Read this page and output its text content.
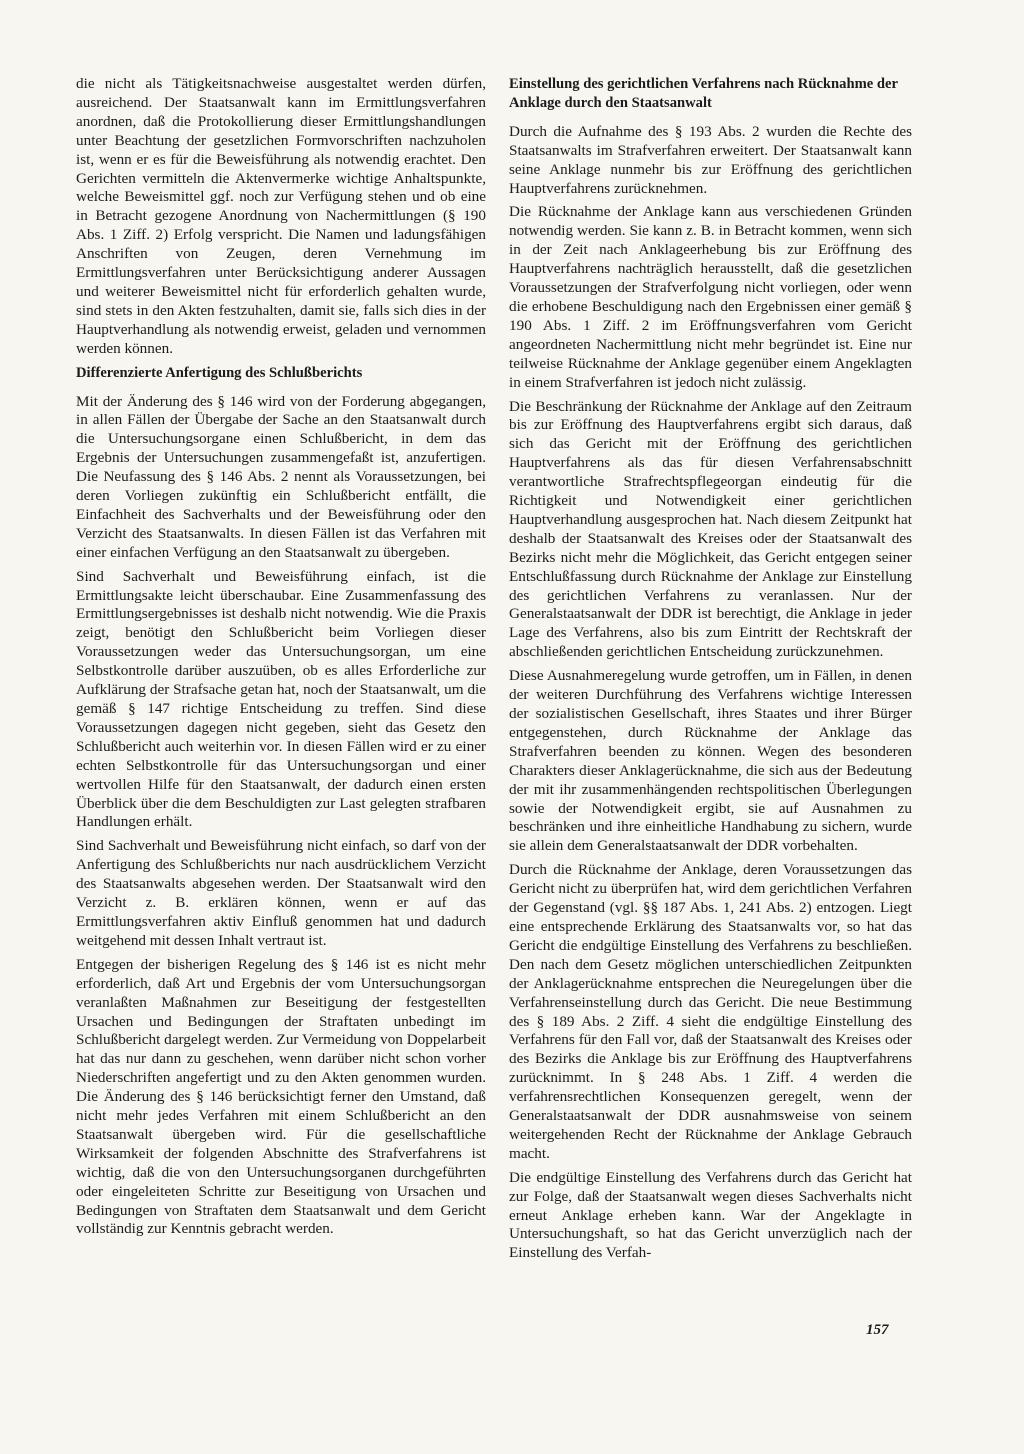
die nicht als Tätigkeitsnachweise ausgestaltet werden dürfen, ausreichend. Der Staatsanwalt kann im Ermittlungsverfahren anordnen, daß die Protokollierung dieser Ermittlungshandlungen unter Beachtung der gesetzlichen Formvorschriften nachzuholen ist, wenn er es für die Beweisführung als notwendig erachtet. Den Gerichten vermitteln die Aktenvermerke wichtige Anhaltspunkte, welche Beweismittel ggf. noch zur Verfügung stehen und ob eine in Betracht gezogene Anordnung von Nachermittlungen (§ 190 Abs. 1 Ziff. 2) Erfolg verspricht. Die Namen und ladungsfähigen Anschriften von Zeugen, deren Vernehmung im Ermittlungsverfahren unter Berücksichtigung anderer Aussagen und weiterer Beweismittel nicht für erforderlich gehalten wurde, sind stets in den Akten festzuhalten, damit sie, falls sich dies in der Hauptverhandlung als notwendig erweist, geladen und vernommen werden können.

Differenzierte Anfertigung des Schlußberichts

Mit der Änderung des § 146 wird von der Forderung abgegangen, in allen Fällen der Übergabe der Sache an den Staatsanwalt durch die Untersuchungsorgane einen Schlußbericht, in dem das Ergebnis der Untersuchungen zusammengefaßt ist, anzufertigen. Die Neufassung des § 146 Abs. 2 nennt als Voraussetzungen, bei deren Vorliegen zukünftig ein Schlußbericht entfällt, die Einfachheit des Sachverhalts und der Beweisführung oder den Verzicht des Staatsanwalts. In diesen Fällen ist das Verfahren mit einer einfachen Verfügung an den Staatsanwalt zu übergeben.

Sind Sachverhalt und Beweisführung einfach, ist die Ermittlungsakte leicht überschaubar. Eine Zusammenfassung des Ermittlungsergebnisses ist deshalb nicht notwendig. Wie die Praxis zeigt, benötigt den Schlußbericht beim Vorliegen dieser Voraussetzungen weder das Untersuchungsorgan, um eine Selbstkontrolle darüber auszuüben, ob es alles Erforderliche zur Aufklärung der Strafsache getan hat, noch der Staatsanwalt, um die gemäß § 147 richtige Entscheidung zu treffen. Sind diese Voraussetzungen dagegen nicht gegeben, sieht das Gesetz den Schlußbericht auch weiterhin vor. In diesen Fällen wird er zu einer echten Selbstkontrolle für das Untersuchungsorgan und einer wertvollen Hilfe für den Staatsanwalt, der dadurch einen ersten Überblick über die dem Beschuldigten zur Last gelegten strafbaren Handlungen erhält.

Sind Sachverhalt und Beweisführung nicht einfach, so darf von der Anfertigung des Schlußberichts nur nach ausdrücklichem Verzicht des Staatsanwalts abgesehen werden. Der Staatsanwalt wird den Verzicht z. B. erklären können, wenn er auf das Ermittlungsverfahren aktiv Einfluß genommen hat und dadurch weitgehend mit dessen Inhalt vertraut ist.

Entgegen der bisherigen Regelung des § 146 ist es nicht mehr erforderlich, daß Art und Ergebnis der vom Untersuchungsorgan veranlaßten Maßnahmen zur Beseitigung der festgestellten Ursachen und Bedingungen der Straftaten unbedingt im Schlußbericht dargelegt werden. Zur Vermeidung von Doppelarbeit hat das nur dann zu geschehen, wenn darüber nicht schon vorher Niederschriften angefertigt und zu den Akten genommen wurden. Die Änderung des § 146 berücksichtigt ferner den Umstand, daß nicht mehr jedes Verfahren mit einem Schlußbericht an den Staatsanwalt übergeben wird. Für die gesellschaftliche Wirksamkeit der folgenden Abschnitte des Strafverfahrens ist wichtig, daß die von den Untersuchungsorganen durchgeführten oder eingeleiteten Schritte zur Beseitigung von Ursachen und Bedingungen von Straftaten dem Staatsanwalt und dem Gericht vollständig zur Kenntnis gebracht werden.

Einstellung des gerichtlichen Verfahrens nach Rücknahme der Anklage durch den Staatsanwalt

Durch die Aufnahme des § 193 Abs. 2 wurden die Rechte des Staatsanwalts im Strafverfahren erweitert. Der Staatsanwalt kann seine Anklage nunmehr bis zur Eröffnung des gerichtlichen Hauptverfahrens zurücknehmen.

Die Rücknahme der Anklage kann aus verschiedenen Gründen notwendig werden. Sie kann z. B. in Betracht kommen, wenn sich in der Zeit nach Anklageerhebung bis zur Eröffnung des Hauptverfahrens nachträglich herausstellt, daß die gesetzlichen Voraussetzungen der Strafverfolgung nicht vorliegen, oder wenn die erhobene Beschuldigung nach den Ergebnissen einer gemäß § 190 Abs. 1 Ziff. 2 im Eröffnungsverfahren vom Gericht angeordneten Nachermittlung nicht mehr begründet ist. Eine nur teilweise Rücknahme der Anklage gegenüber einem Angeklagten in einem Strafverfahren ist jedoch nicht zulässig.

Die Beschränkung der Rücknahme der Anklage auf den Zeitraum bis zur Eröffnung des Hauptverfahrens ergibt sich daraus, daß sich das Gericht mit der Eröffnung des gerichtlichen Hauptverfahrens als das für diesen Verfahrensabschnitt verantwortliche Strafrechtspflegeorgan eindeutig für die Richtigkeit und Notwendigkeit einer gerichtlichen Hauptverhandlung ausgesprochen hat. Nach diesem Zeitpunkt hat deshalb der Staatsanwalt des Kreises oder der Staatsanwalt des Bezirks nicht mehr die Möglichkeit, das Gericht entgegen seiner Entschlußfassung durch Rücknahme der Anklage zur Einstellung des gerichtlichen Verfahrens zu veranlassen. Nur der Generalstaatsanwalt der DDR ist berechtigt, die Anklage in jeder Lage des Verfahrens, also bis zum Eintritt der Rechtskraft der abschließenden gerichtlichen Entscheidung zurückzunehmen.

Diese Ausnahmeregelung wurde getroffen, um in Fällen, in denen der weiteren Durchführung des Verfahrens wichtige Interessen der sozialistischen Gesellschaft, ihres Staates und ihrer Bürger entgegenstehen, durch Rücknahme der Anklage das Strafverfahren beenden zu können. Wegen des besonderen Charakters dieser Anklagerücknahme, die sich aus der Bedeutung der mit ihr zusammenhängenden rechtspolitischen Überlegungen sowie der Notwendigkeit ergibt, sie auf Ausnahmen zu beschränken und ihre einheitliche Handhabung zu sichern, wurde sie allein dem Generalstaatsanwalt der DDR vorbehalten.

Durch die Rücknahme der Anklage, deren Voraussetzungen das Gericht nicht zu überprüfen hat, wird dem gerichtlichen Verfahren der Gegenstand (vgl. §§ 187 Abs. 1, 241 Abs. 2) entzogen. Liegt eine entsprechende Erklärung des Staatsanwalts vor, so hat das Gericht die endgültige Einstellung des Verfahrens zu beschließen. Den nach dem Gesetz möglichen unterschiedlichen Zeitpunkten der Anklagerücknahme entsprechen die Neuregelungen über die Verfahrenseinstellung durch das Gericht. Die neue Bestimmung des § 189 Abs. 2 Ziff. 4 sieht die endgültige Einstellung des Verfahrens für den Fall vor, daß der Staatsanwalt des Kreises oder des Bezirks die Anklage bis zur Eröffnung des Hauptverfahrens zurücknimmt. In § 248 Abs. 1 Ziff. 4 werden die verfahrensrechtlichen Konsequenzen geregelt, wenn der Generalstaatsanwalt der DDR ausnahmsweise von seinem weitergehenden Recht der Rücknahme der Anklage Gebrauch macht.

Die endgültige Einstellung des Verfahrens durch das Gericht hat zur Folge, daß der Staatsanwalt wegen dieses Sachverhalts nicht erneut Anklage erheben kann. War der Angeklagte in Untersuchungshaft, so hat das Gericht unverzüglich nach der Einstellung des Verfah-

157
